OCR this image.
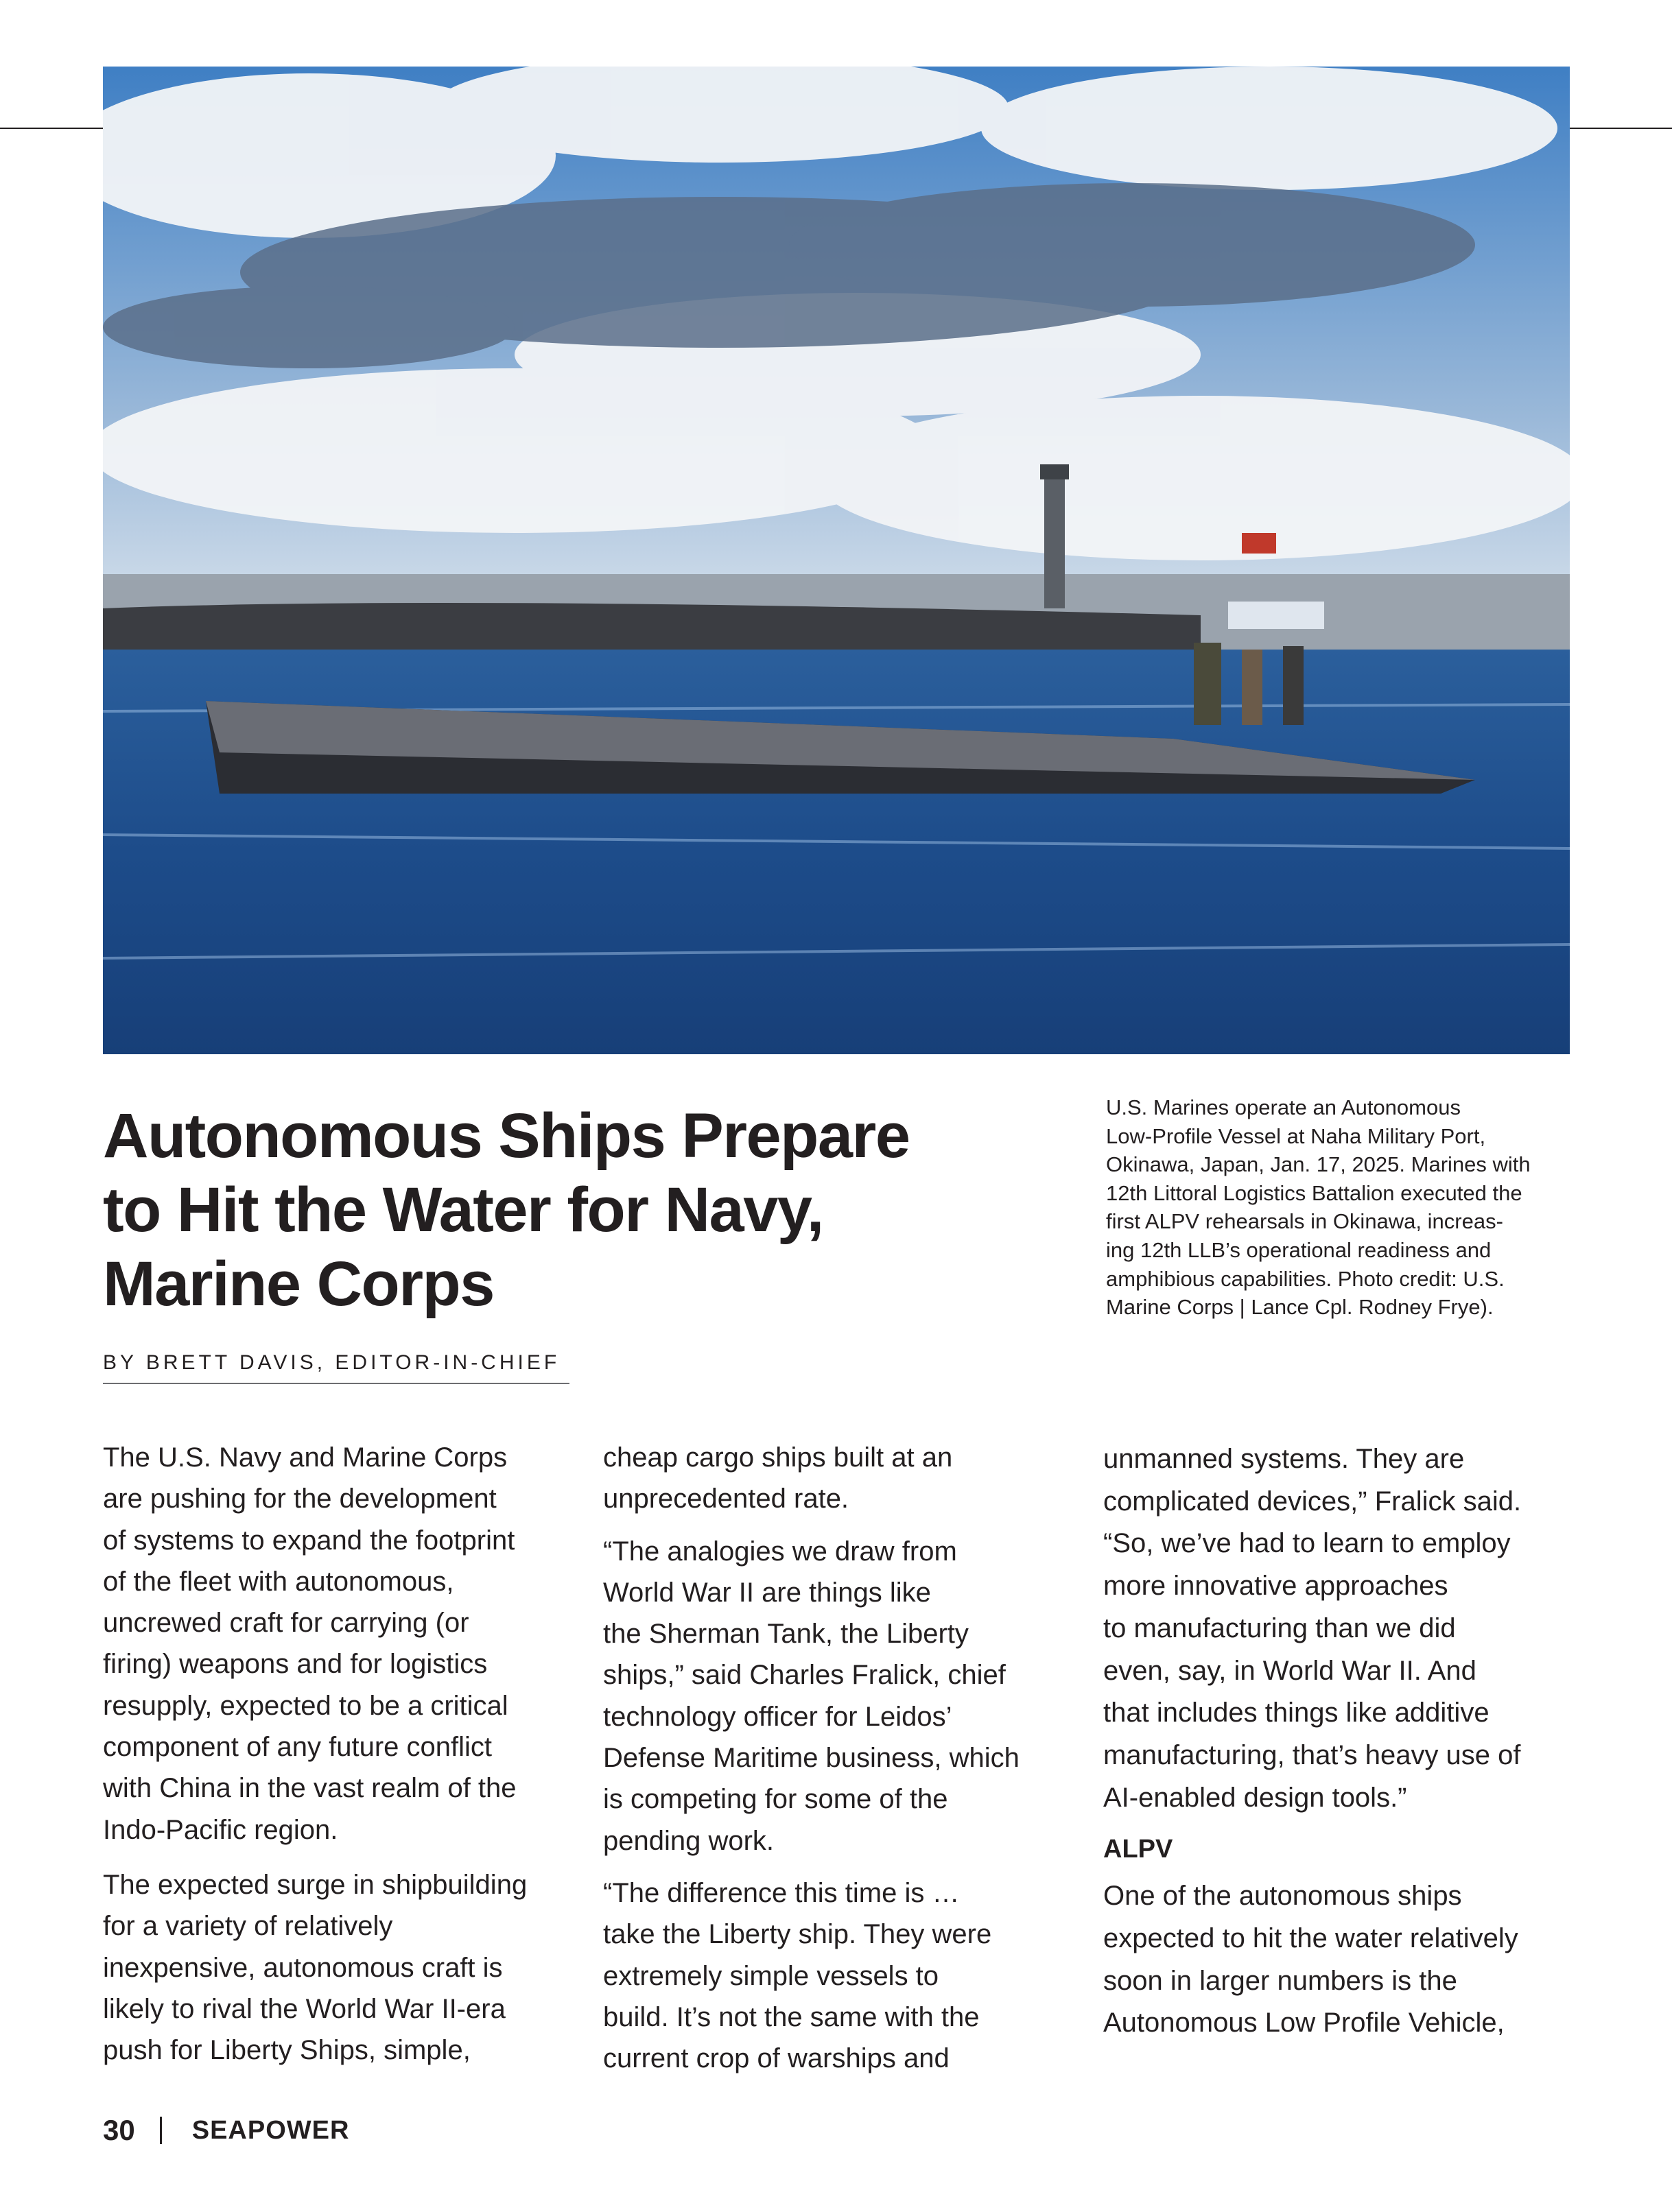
Autonomous Ships Prepare
to Hit the Water for Navy,
Marine Corps
U.S. Marines operate an Autonomous
Low-Profile Vessel at Naha Military Port,
Okinawa, Japan, Jan. 17, 2025. Marines with
12th Littoral Logistics Battalion executed the
first ALPV rehearsals in Okinawa, increas-
ing 12th LLB’s operational readiness and
amphibious capabilities. Photo credit: U.S.
Marine Corps | Lance Cpl. Rodney Frye).
BY BRETT DAVIS, EDITOR-IN-CHIEF

The U.S. Navy and Marine Corps
are pushing for the development
of systems to expand the footprint
of the fleet with autonomous,
uncrewed craft for carrying (or
firing) weapons and for logistics
resupply, expected to be a critical
component of any future conflict
with China in the vast realm of the
Indo-Pacific region.

The expected surge in shipbuilding
for a variety of relatively
inexpensive, autonomous craft is
likely to rival the World War II-era
push for Liberty Ships, simple,

cheap cargo ships built at an
unprecedented rate.

“The analogies we draw from
World War II are things like
the Sherman Tank, the Liberty
ships,” said Charles Fralick, chief
technology officer for Leidos’
Defense Maritime business, which
is competing for some of the
pending work.

“The difference this time is …
take the Liberty ship. They were
extremely simple vessels to
build. It’s not the same with the
current crop of warships and

unmanned systems. They are
complicated devices,” Fralick said.
“So, we’ve had to learn to employ
more innovative approaches
to manufacturing than we did
even, say, in World War II. And
that includes things like additive
manufacturing, that’s heavy use of
AI-enabled design tools.”

ALPV

One of the autonomous ships
expected to hit the water relatively
soon in larger numbers is the
Autonomous Low Profile Vehicle,

30 SEAPOWER
